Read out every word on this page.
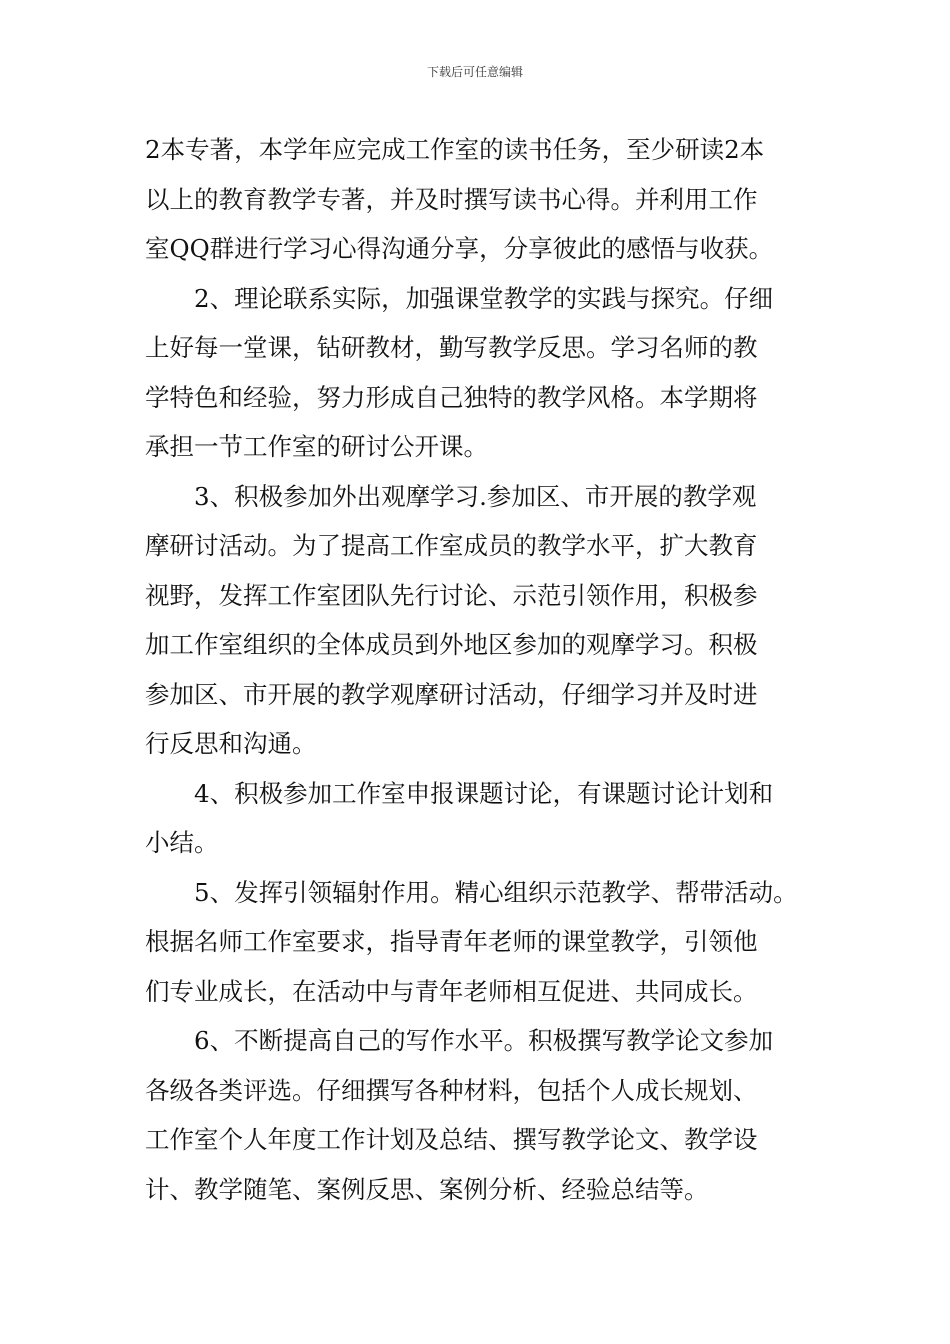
下载后可任意编辑
2本专著，本学年应完成工作室的读书任务，至少研读2本
以上的教育教学专著，并及时撰写读书心得。并利用工作
室QQ群进行学习心得沟通分享，分享彼此的感悟与收获。
2、理论联系实际，加强课堂教学的实践与探究。仔细
上好每一堂课，钻研教材，勤写教学反思。学习名师的教
学特色和经验，努力形成自己独特的教学风格。本学期将
承担一节工作室的研讨公开课。
3、积极参加外出观摩学习.参加区、市开展的教学观
摩研讨活动。为了提高工作室成员的教学水平，扩大教育
视野，发挥工作室团队先行讨论、示范引领作用，积极参
加工作室组织的全体成员到外地区参加的观摩学习。积极
参加区、市开展的教学观摩研讨活动，仔细学习并及时进
行反思和沟通。
4、积极参加工作室申报课题讨论，有课题讨论计划和
小结。
5、发挥引领辐射作用。精心组织示范教学、帮带活动。
根据名师工作室要求，指导青年老师的课堂教学，引领他
们专业成长，在活动中与青年老师相互促进、共同成长。
6、不断提高自己的写作水平。积极撰写教学论文参加
各级各类评选。仔细撰写各种材料，包括个人成长规划、
工作室个人年度工作计划及总结、撰写教学论文、教学设
计、教学随笔、案例反思、案例分析、经验总结等。
